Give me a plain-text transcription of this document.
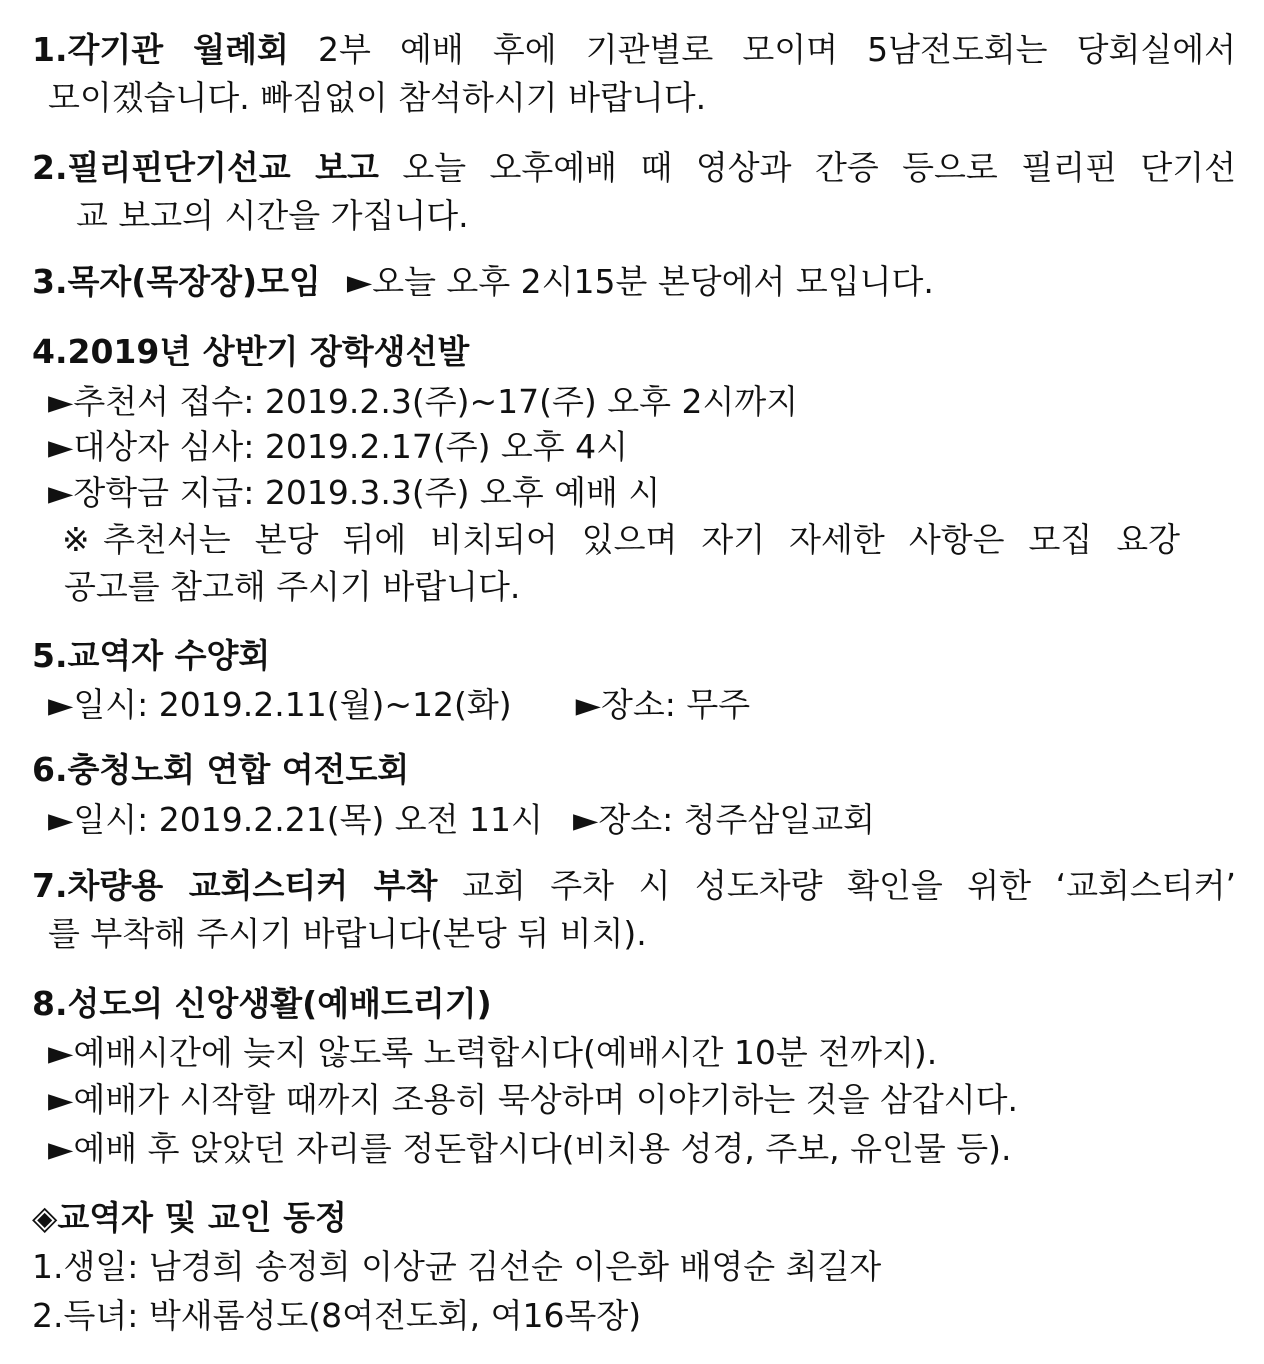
1.각기관 월례회 2부 예배 후에 기관별로 모이며 5남전도회는 당회실에서
모이겠습니다. 빠짐없이 참석하시기 바랍니다.
2.필리핀단기선교 보고 오늘 오후예배 때 영상과 간증 등으로 필리핀 단기선
교 보고의 시간을 가집니다.
3.목자(목장장)모임 ►오늘 오후 2시15분 본당에서 모입니다.
4.2019년 상반기 장학생선발
►추천서 접수: 2019.2.3(주)~17(주) 오후 2시까지
►대상자 심사: 2019.2.17(주) 오후 4시
►장학금 지급: 2019.3.3(주) 오후 예배 시
※추천서는 본당 뒤에 비치되어 있으며 자기 자세한 사항은 모집 요강
공고를 참고해 주시기 바랍니다.
5.교역자 수양회
►일시: 2019.2.11(월)~12(화) ►장소: 무주
6.충청노회 연합 여전도회
►일시: 2019.2.21(목) 오전 11시 ►장소: 청주삼일교회
7.차량용 교회스티커 부착 교회 주차 시 성도차량 확인을 위한 ‘교회스티커’
를 부착해 주시기 바랍니다(본당 뒤 비치).
8.성도의 신앙생활(예배드리기)
►예배시간에 늦지 않도록 노력합시다(예배시간 10분 전까지).
►예배가 시작할 때까지 조용히 묵상하며 이야기하는 것을 삼갑시다.
►예배 후 앉았던 자리를 정돈합시다(비치용 성경, 주보, 유인물 등).
◈교역자 및 교인 동정
1.생일: 남경희 송정희 이상균 김선순 이은화 배영순 최길자
2.득녀: 박새롬성도(8여전도회, 여16목장)
